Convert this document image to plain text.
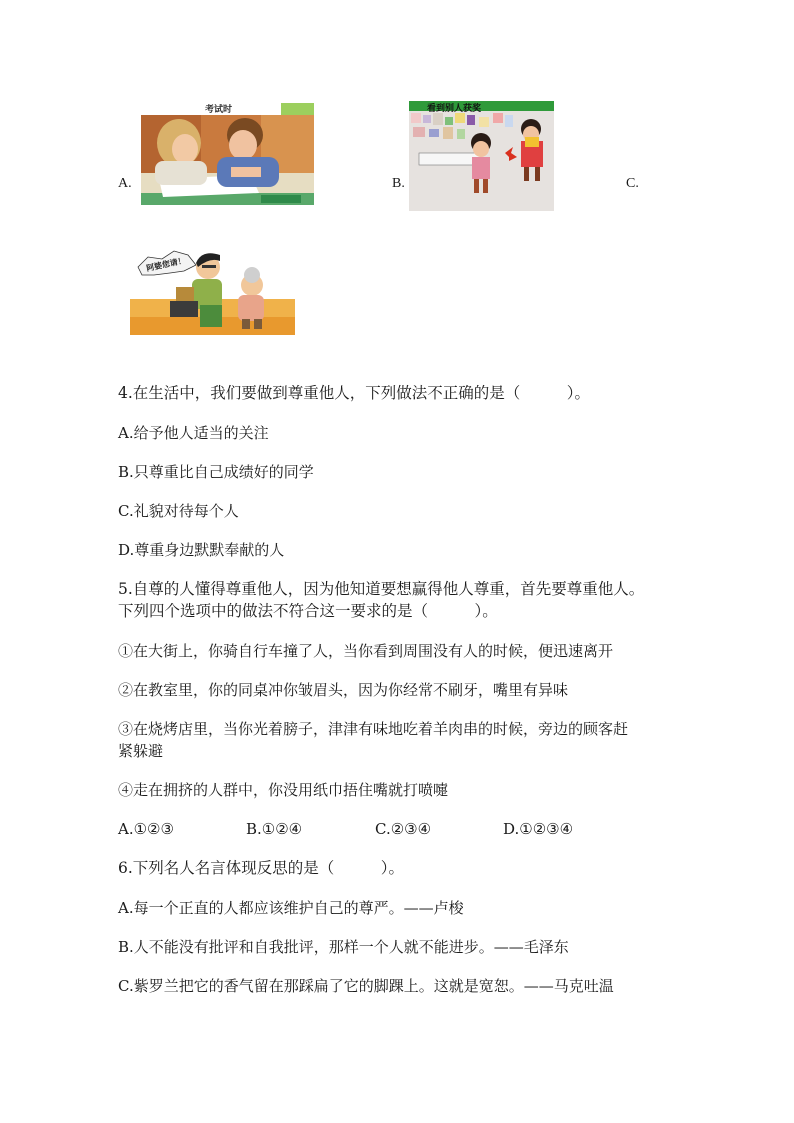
A.
考试时
B.
看到别人获奖
C.
阿婆您请！
4.在生活中，我们要做到尊重他人，下列做法不正确的是（　　　）。
A.给予他人适当的关注
B.只尊重比自己成绩好的同学
C.礼貌对待每个人
D.尊重身边默默奉献的人
5.自尊的人懂得尊重他人，因为他知道要想赢得他人尊重，首先要尊重他人。
下列四个选项中的做法不符合这一要求的是（　　　）。
①在大街上，你骑自行车撞了人，当你看到周围没有人的时候，便迅速离开
②在教室里，你的同桌冲你皱眉头，因为你经常不刷牙，嘴里有异味
③在烧烤店里，当你光着膀子，津津有味地吃着羊肉串的时候，旁边的顾客赶
紧躲避
④走在拥挤的人群中，你没用纸巾捂住嘴就打喷嚏
A.①②③	B.①②④	C.②③④	D.①②③④
6.下列名人名言体现反思的是（　　　）。
A.每一个正直的人都应该维护自己的尊严。——卢梭
B.人不能没有批评和自我批评，那样一个人就不能进步。——毛泽东
C.紫罗兰把它的香气留在那踩扁了它的脚踝上。这就是宽恕。——马克吐温
